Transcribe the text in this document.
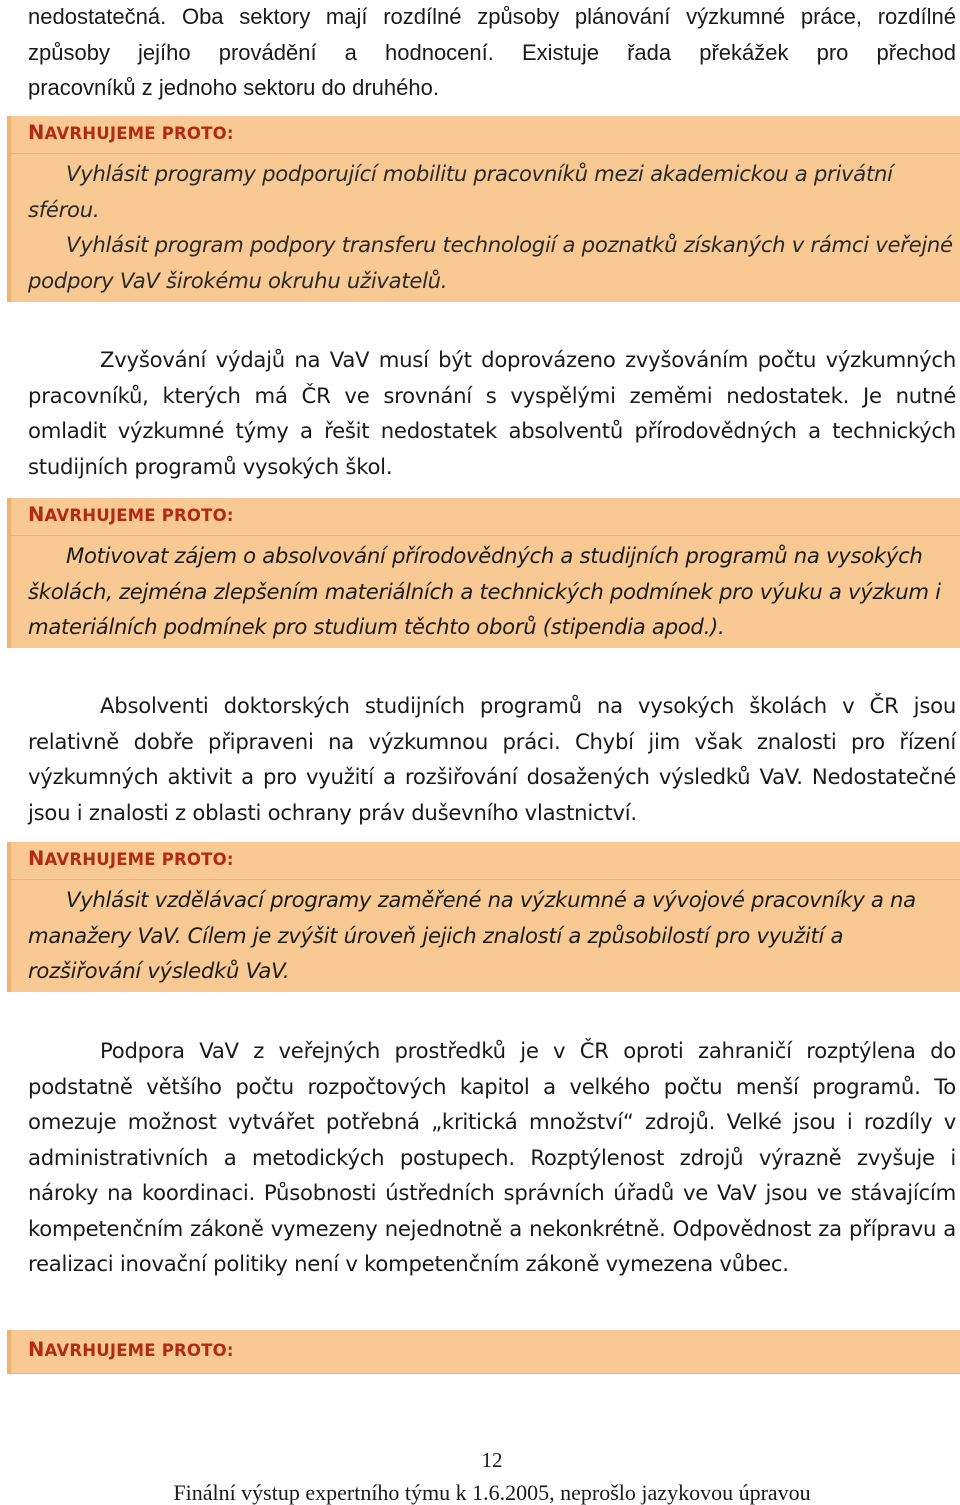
nedostatečná. Oba sektory mají rozdílné způsoby plánování výzkumné práce, rozdílné
způsoby jejího provádění a hodnocení. Existuje řada překážek pro přechod
pracovníků z jednoho sektoru do druhého.
NAVRHUJEME PROTO:
Vyhlásit programy podporující mobilitu pracovníků mezi akademickou a privátní sférou.
Vyhlásit program podpory transferu technologií a poznatků získaných v rámci veřejné podpory VaV širokému okruhu uživatelů.
Zvyšování výdajů na VaV musí být doprovázeno zvyšováním počtu výzkumných pracovníků, kterých má ČR ve srovnání s vyspělými zeměmi nedostatek. Je nutné omladit výzkumné týmy a řešit nedostatek absolventů přírodovědných a technických studijních programů vysokých škol.
NAVRHUJEME PROTO:
Motivovat zájem o absolvování přírodovědných a studijních programů na vysokých školách, zejména zlepšením materiálních a technických podmínek pro výuku a výzkum i materiálních podmínek pro studium těchto oborů (stipendia apod.).
Absolventi doktorských studijních programů na vysokých školách v ČR jsou relativně dobře připraveni na výzkumnou práci. Chybí jim však znalosti pro řízení výzkumných aktivit a pro využití a rozšiřování dosažených výsledků VaV. Nedostatečné jsou i znalosti z oblasti ochrany práv duševního vlastnictví.
NAVRHUJEME PROTO:
Vyhlásit vzdělávací programy zaměřené na výzkumné a vývojové pracovníky a na manažery VaV. Cílem je zvýšit úroveň jejich znalostí a způsobilostí pro využití a rozšiřování výsledků VaV.
Podpora VaV z veřejných prostředků je v ČR oproti zahraničí rozptýlena do podstatně většího počtu rozpočtových kapitol a velkého počtu menší programů. To omezuje možnost vytvářet potřebná „kritická množství“ zdrojů. Velké jsou i rozdíly v administrativních a metodických postupech. Rozptýlenost zdrojů výrazně zvyšuje i nároky na koordinaci. Působnosti ústředních správních úřadů ve VaV jsou ve stávajícím kompetenčním zákoně vymezeny nejednotně a nekonkrétně. Odpovědnost za přípravu a realizaci inovační politiky není v kompetenčním zákoně vymezena vůbec.
NAVRHUJEME PROTO:
12
Finální výstup expertního týmu k 1.6.2005, neprošlo jazykovou úpravou
